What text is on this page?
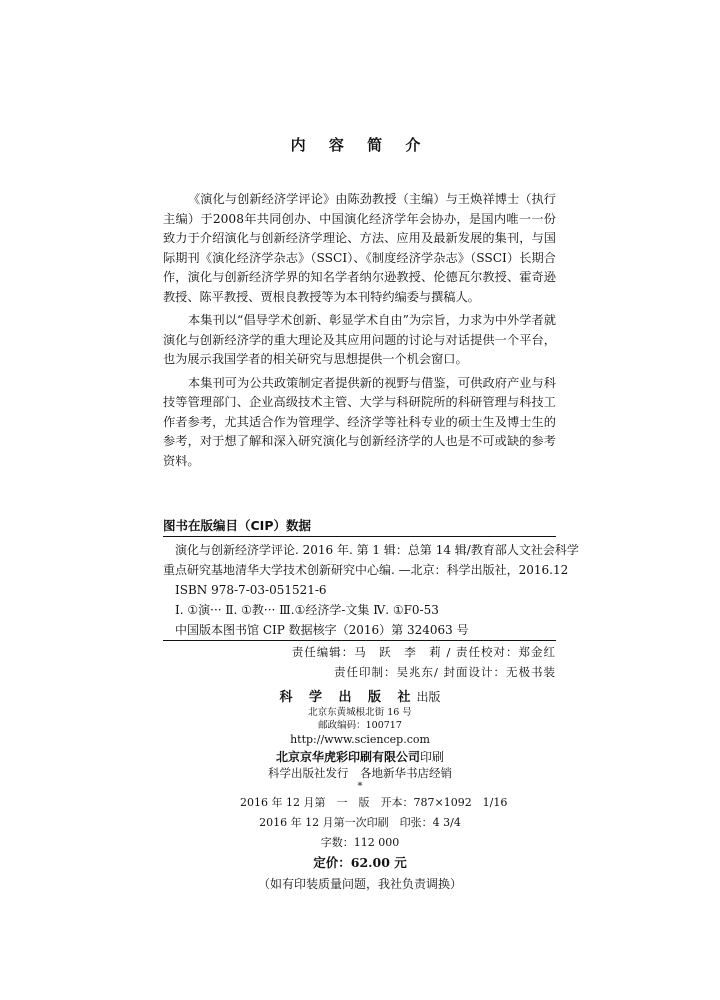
内 容 简 介

《演化与创新经济学评论》由陈劲教授（主编）与王焕祥博士（执行主编）于2008年共同创办、中国演化经济学年会协办，是国内唯一一份致力于介绍演化与创新经济学理论、方法、应用及最新发展的集刊，与国际期刊《演化经济学杂志》（SSCI）、《制度经济学杂志》（SSCI）长期合作，演化与创新经济学界的知名学者纳尔逊教授、伦德瓦尔教授、霍奇逊教授、陈平教授、贾根良教授等为本刊特约编委与撰稿人。

本集刊以“倡导学术创新、彰显学术自由”为宗旨，力求为中外学者就演化与创新经济学的重大理论及其应用问题的讨论与对话提供一个平台，也为展示我国学者的相关研究与思想提供一个机会窗口。

本集刊可为公共政策制定者提供新的视野与借鉴，可供政府产业与科技等管理部门、企业高级技术主管、大学与科研院所的科研管理与科技工作者参考，尤其适合作为管理学、经济学等社科专业的硕士生及博士生的参考，对于想了解和深入研究演化与创新经济学的人也是不可或缺的参考资料。

图书在版编目（CIP）数据
演化与创新经济学评论. 2016 年. 第 1 辑：总第 14 辑/教育部人文社会科学
重点研究基地清华大学技术创新研究中心编. —北京：科学出版社，2016.12
ISBN 978-7-03-051521-6
Ⅰ. ①演··· Ⅱ. ①教··· Ⅲ.①经济学-文集 Ⅳ. ①F0-53
中国版本图书馆 CIP 数据核字（2016）第 324063 号
责任编辑：马　跃　李　莉 / 责任校对：郑金红
责任印制：吴兆东/ 封面设计：无极书装
科 学 出 版 社出版
北京东黄城根北街 16 号
邮政编码：100717
http://www.sciencep.com
北京京华虎彩印刷有限公司印刷
科学出版社发行　各地新华书店经销
*
2016 年 12 月第　一　版　开本：787×1092　1/16
2016 年 12 月第一次印刷　印张：4 3/4
字数：112 000
定价：62.00 元
（如有印装质量问题，我社负责调换）
